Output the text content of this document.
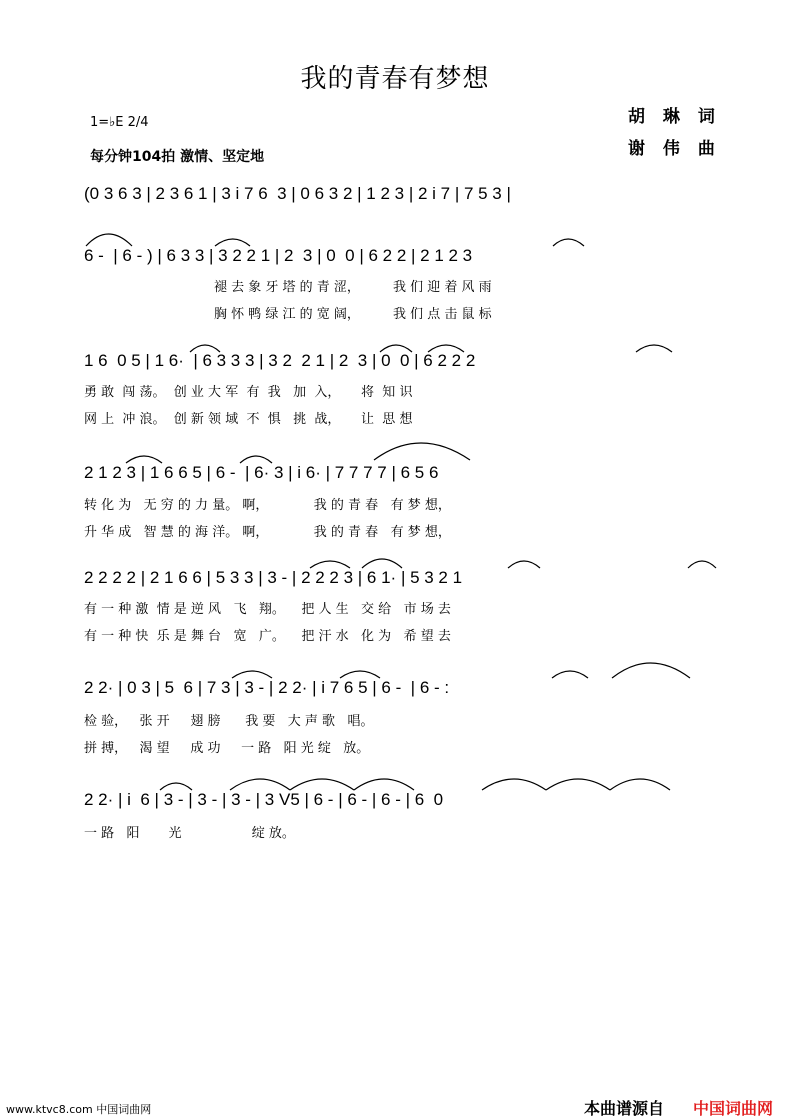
我的青春有梦想
1=♭E 2/4
每分钟104拍 激情、坚定地
胡 琳 词
谢 伟 曲
(0 3 6 3 | 2 3 6 1 | 3 i 7 6  3 | 0 6 3 2 | 1 2 3 | 2 i 7 | 7 5 3 |
6 -  | 6 - ) | 6 3 3 | 3 2 2 1 | 2  3 | 0  0 | 6 2 2 | 2 1 2 3
褪 去 象 牙 塔 的 青 涩，        我 们 迎 着 风 雨
胸 怀 鸭 绿 江 的 宽 阔，        我 们 点 击 鼠 标
1 6  0 5 | 1 6·  | 6 3 3 3 | 3 2  2 1 | 2  3 | 0  0 | 6 2 2 2
勇 敢  闯 荡。  创 业 大 军  有  我   加  入，     将  知 识
网 上  冲 浪。  创 新 领 域  不  惧   挑  战，     让  思 想
2 1 2 3 | 1 6 6 5 | 6 -  | 6· 3 | i 6· | 7 7 7 7 | 6 5 6
转 化 为   无 穷 的 力 量。 啊，           我 的 青 春   有 梦 想，
升 华 成   智 慧 的 海 洋。 啊，           我 的 青 春   有 梦 想，
2 2 2 2 | 2 1 6 6 | 5 3 3 | 3 - | 2 2 2 3 | 6 1· | 5 3 2 1
有 一 种 激  情 是 逆 风   飞   翔。    把 人 生   交 给   市 场 去
有 一 种 快  乐 是 舞 台   宽   广。    把 汗 水   化 为   希 望 去
2 2· | 0 3 | 5  6 | 7 3 | 3 - | 2 2· | i 7 6 5 | 6 -  | 6 - :
检 验，   张 开     翅 膀      我 要   大 声 歌   唱。
拼 搏，   渴 望     成 功     一 路   阳 光 绽   放。
2 2· | i  6 | 3 - | 3 - | 3 - | 3 V5 | 6 - | 6 - | 6 - | 6  0
一 路   阳       光                 绽 放。
www.ktvc8.com 中国词曲网	本曲谱源自 中国词曲网
